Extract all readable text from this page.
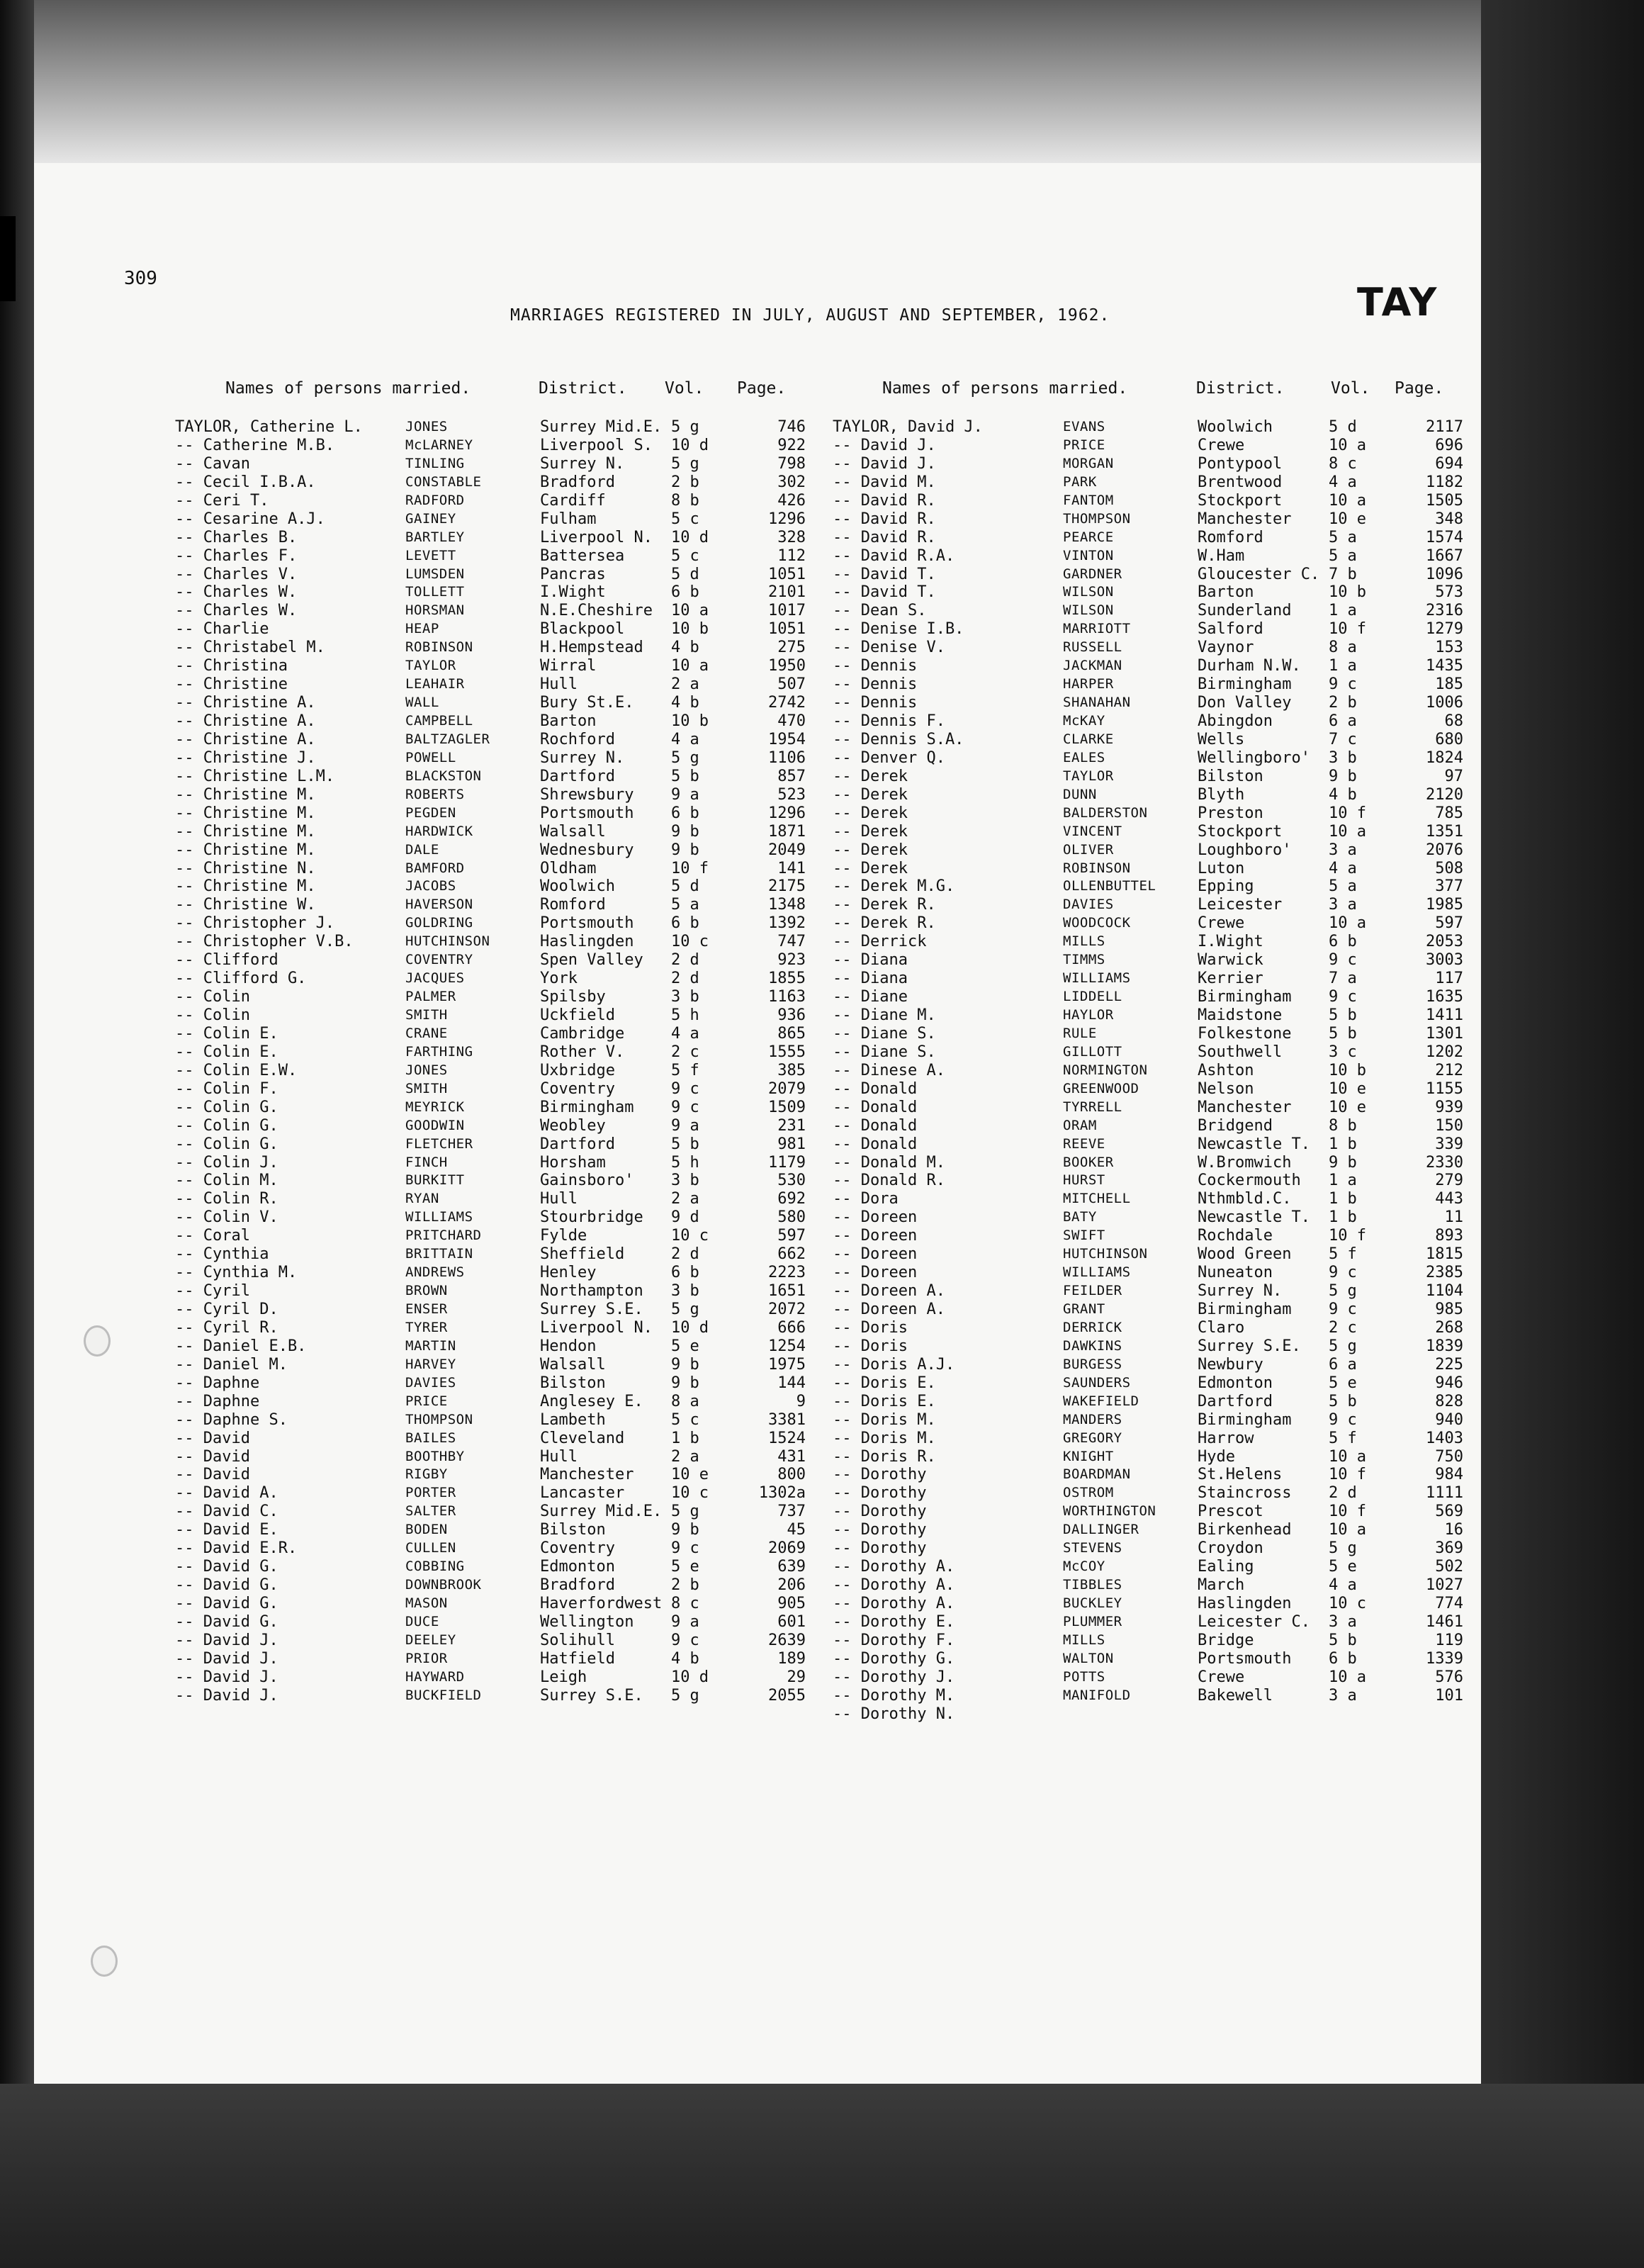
309
MARRIAGES REGISTERED IN JULY, AUGUST AND SEPTEMBER, 1962.	TAY
Names of persons married.	District. Vol. Page.	Names of persons married.	District.	Vol. Page.
TAYLOR, Catherine L.	JONES	Surrey Mid.E. 5 g	746
-- Catherine M.B.	McLARNEY	Liverpool S. 10 d	922
-- Cavan	TINLING	Surrey N.	5 g	798
-- Cecil I.B.A.	CONSTABLE	Bradford	2 b	302
-- Ceri T.	RADFORD	Cardiff	8 b	426
-- Cesarine A.J.	GAINEY	Fulham	5 c	1296
-- Charles B.	BARTLEY	Liverpool N. 10 d	328
-- Charles F.	LEVETT	Battersea	5 c	112
-- Charles V.	LUMSDEN	Pancras	5 d	1051
-- Charles W.	TOLLETT	I.Wight	6 b	2101
-- Charles W.	HORSMAN	N.E.Cheshire 10 a	1017
-- Charlie	HEAP	Blackpool	10 b	1051
-- Christabel M.	ROBINSON	H.Hempstead 4 b	275
-- Christina	TAYLOR	Wirral	10 a	1950
-- Christine	LEAHAIR	Hull	2 a	507
-- Christine A.	WALL	Bury St.E. 4 b	2742
-- Christine A.	CAMPBELL	Barton	10 b	470
-- Christine A.	BALTZAGLER	Rochford	4 a	1954
-- Christine J.	POWELL	Surrey N.	5 g	1106
-- Christine L.M.	BLACKSTON	Dartford	5 b	857
-- Christine M.	ROBERTS	Shrewsbury 9 a	523
-- Christine M.	PEGDEN	Portsmouth 6 b	1296
-- Christine M.	HARDWICK	Walsall	9 b	1871
-- Christine M.	DALE	Wednesbury 9 b	2049
-- Christine N.	BAMFORD	Oldham	10 f	141
-- Christine M.	JACOBS	Woolwich	5 d	2175
-- Christine W.	HAVERSON	Romford	5 a	1348
-- Christopher J.	GOLDRING	Portsmouth 6 b	1392
-- Christopher V.B.	HUTCHINSON	Haslingden 10 c	747
-- Clifford	COVENTRY	Spen Valley 2 d	923
-- Clifford G.	JACQUES	York	2 d	1855
-- Colin	PALMER	Spilsby	3 b	1163
-- Colin	SMITH	Uckfield	5 h	936
-- Colin E.	CRANE	Cambridge	4 a	865
-- Colin E.	FARTHING	Rother V.	2 c	1555
-- Colin E.W.	JONES	Uxbridge	5 f	385
-- Colin F.	SMITH	Coventry	9 c	2079
-- Colin G.	MEYRICK	Birmingham 9 c	1509
-- Colin G.	GOODWIN	Weobley	9 a	231
-- Colin G.	FLETCHER	Dartford	5 b	981
-- Colin J.	FINCH	Horsham	5 h	1179
-- Colin M.	BURKITT	Gainsboro' 3 b	530
-- Colin R.	RYAN	Hull	2 a	692
-- Colin V.	WILLIAMS	Stourbridge 9 d	580
-- Coral	PRITCHARD	Fylde	10 c	597
-- Cynthia	BRITTAIN	Sheffield	2 d	662
-- Cynthia M.	ANDREWS	Henley	6 b	2223
-- Cyril	BROWN	Northampton 3 b	1651
-- Cyril D.	ENSER	Surrey S.E. 5 g	2072
-- Cyril R.	TYRER	Liverpool N. 10 d	666
-- Daniel E.B.	MARTIN	Hendon	5 e	1254
-- Daniel M.	HARVEY	Walsall	9 b	1975
-- Daphne	DAVIES	Bilston	9 b	144
-- Daphne	PRICE	Anglesey E. 8 a	9
-- Daphne S.	THOMPSON	Lambeth	5 c	3381
-- David	BAILES	Cleveland	1 b	1524
-- David	BOOTHBY	Hull	2 a	431
-- David	RIGBY	Manchester 10 e	800
-- David A.	PORTER	Lancaster	10 c	1302a
-- David C.	SALTER	Surrey Mid.E. 5 g	737
-- David E.	BODEN	Bilston	9 b	45
-- David E.R.	CULLEN	Coventry	9 c	2069
-- David G.	COBBING	Edmonton	5 e	639
-- David G.	DOWNBROOK	Bradford	2 b	206
-- David G.	MASON	Haverfordwest 8 c	905
-- David G.	DUCE	Wellington 9 a	601
-- David J.	DEELEY	Solihull	9 c	2639
-- David J.	PRIOR	Hatfield	4 b	189
-- David J.	HAYWARD	Leigh	10 d	29
-- David J.	BUCKFIELD	Surrey S.E. 5 g	2055
TAYLOR, David J.	EVANS	Woolwich	5 d	2117
-- David J.	PRICE	Crewe	10 a	696
-- David J.	MORGAN	Pontypool	8 c	694
-- David M.	PARK	Brentwood	4 a	1182
-- David R.	FANTOM	Stockport	10 a	1505
-- David R.	THOMPSON	Manchester 10 e	348
-- David R.	PEARCE	Romford	5 a	1574
-- David R.A.	VINTON	W.Ham	5 a	1667
-- David T.	GARDNER	Gloucester C. 7 b	1096
-- David T.	WILSON	Barton	10 b	573
-- Dean S.	WILSON	Sunderland 1 a	2316
-- Denise I.B.	MARRIOTT	Salford	10 f	1279
-- Denise V.	RUSSELL	Vaynor	8 a	153
-- Dennis	JACKMAN	Durham N.W. 1 a	1435
-- Dennis	HARPER	Birmingham 9 c	185
-- Dennis	SHANAHAN	Don Valley 2 b	1006
-- Dennis F.	McKAY	Abingdon	6 a	68
-- Dennis S.A.	CLARKE	Wells	7 c	680
-- Denver Q.	EALES	Wellingboro' 3 b	1824
-- Derek	TAYLOR	Bilston	9 b	97
-- Derek	DUNN	Blyth	4 b	2120
-- Derek	BALDERSTON	Preston	10 f	785
-- Derek	VINCENT	Stockport	10 a	1351
-- Derek	OLIVER	Loughboro' 3 a	2076
-- Derek	ROBINSON	Luton	4 a	508
-- Derek M.G.	OLLENBUTTEL	Epping	5 a	377
-- Derek R.	DAVIES	Leicester	3 a	1985
-- Derek R.	WOODCOCK	Crewe	10 a	597
-- Derrick	MILLS	I.Wight	6 b	2053
-- Diana	TIMMS	Warwick	9 c	3003
-- Diana	WILLIAMS	Kerrier	7 a	117
-- Diane	LIDDELL	Birmingham 9 c	1635
-- Diane M.	HAYLOR	Maidstone	5 b	1411
-- Diane S.	RULE	Folkestone 5 b	1301
-- Diane S.	GILLOTT	Southwell	3 c	1202
-- Dinese A.	NORMINGTON	Ashton	10 b	212
-- Donald	GREENWOOD	Nelson	10 e	1155
-- Donald	TYRRELL	Manchester 10 e	939
-- Donald	ORAM	Bridgend	8 b	150
-- Donald	REEVE	Newcastle T. 1 b	339
-- Donald M.	BOOKER	W.Bromwich 9 b	2330
-- Donald R.	HURST	Cockermouth 1 a	279
-- Dora	MITCHELL	Nthmbld.C. 1 b	443
-- Doreen	BATY	Newcastle T. 1 b	11
-- Doreen	SWIFT	Rochdale	10 f	893
-- Doreen	HUTCHINSON	Wood Green 5 f	1815
-- Doreen	WILLIAMS	Nuneaton	9 c	2385
-- Doreen A.	FEILDER	Surrey N.	5 g	1104
-- Doreen A.	GRANT	Birmingham 9 c	985
-- Doris	DERRICK	Claro	2 c	268
-- Doris	DAWKINS	Surrey S.E. 5 g	1839
-- Doris A.J.	BURGESS	Newbury	6 a	225
-- Doris E.	SAUNDERS	Edmonton	5 e	946
-- Doris E.	WAKEFIELD	Dartford	5 b	828
-- Doris M.	MANDERS	Birmingham 9 c	940
-- Doris M.	GREGORY	Harrow	5 f	1403
-- Doris R.	KNIGHT	Hyde	10 a	750
-- Dorothy	BOARDMAN	St.Helens	10 f	984
-- Dorothy	OSTROM	Staincross 2 d	1111
-- Dorothy	WORTHINGTON	Prescot	10 f	569
-- Dorothy	DALLINGER	Birkenhead 10 a	16
-- Dorothy	STEVENS	Croydon	5 g	369
-- Dorothy A.	McCOY	Ealing	5 e	502
-- Dorothy A.	TIBBLES	March	4 a	1027
-- Dorothy A.	BUCKLEY	Haslingden 10 c	774
-- Dorothy E.	PLUMMER	Leicester C. 3 a	1461
-- Dorothy F.	MILLS	Bridge	5 b	119
-- Dorothy G.	WALTON	Portsmouth 6 b	1339
-- Dorothy J.	POTTS	Crewe	10 a	576
-- Dorothy M.	MANIFOLD	Bakewell	3 a	101
-- Dorothy N.
